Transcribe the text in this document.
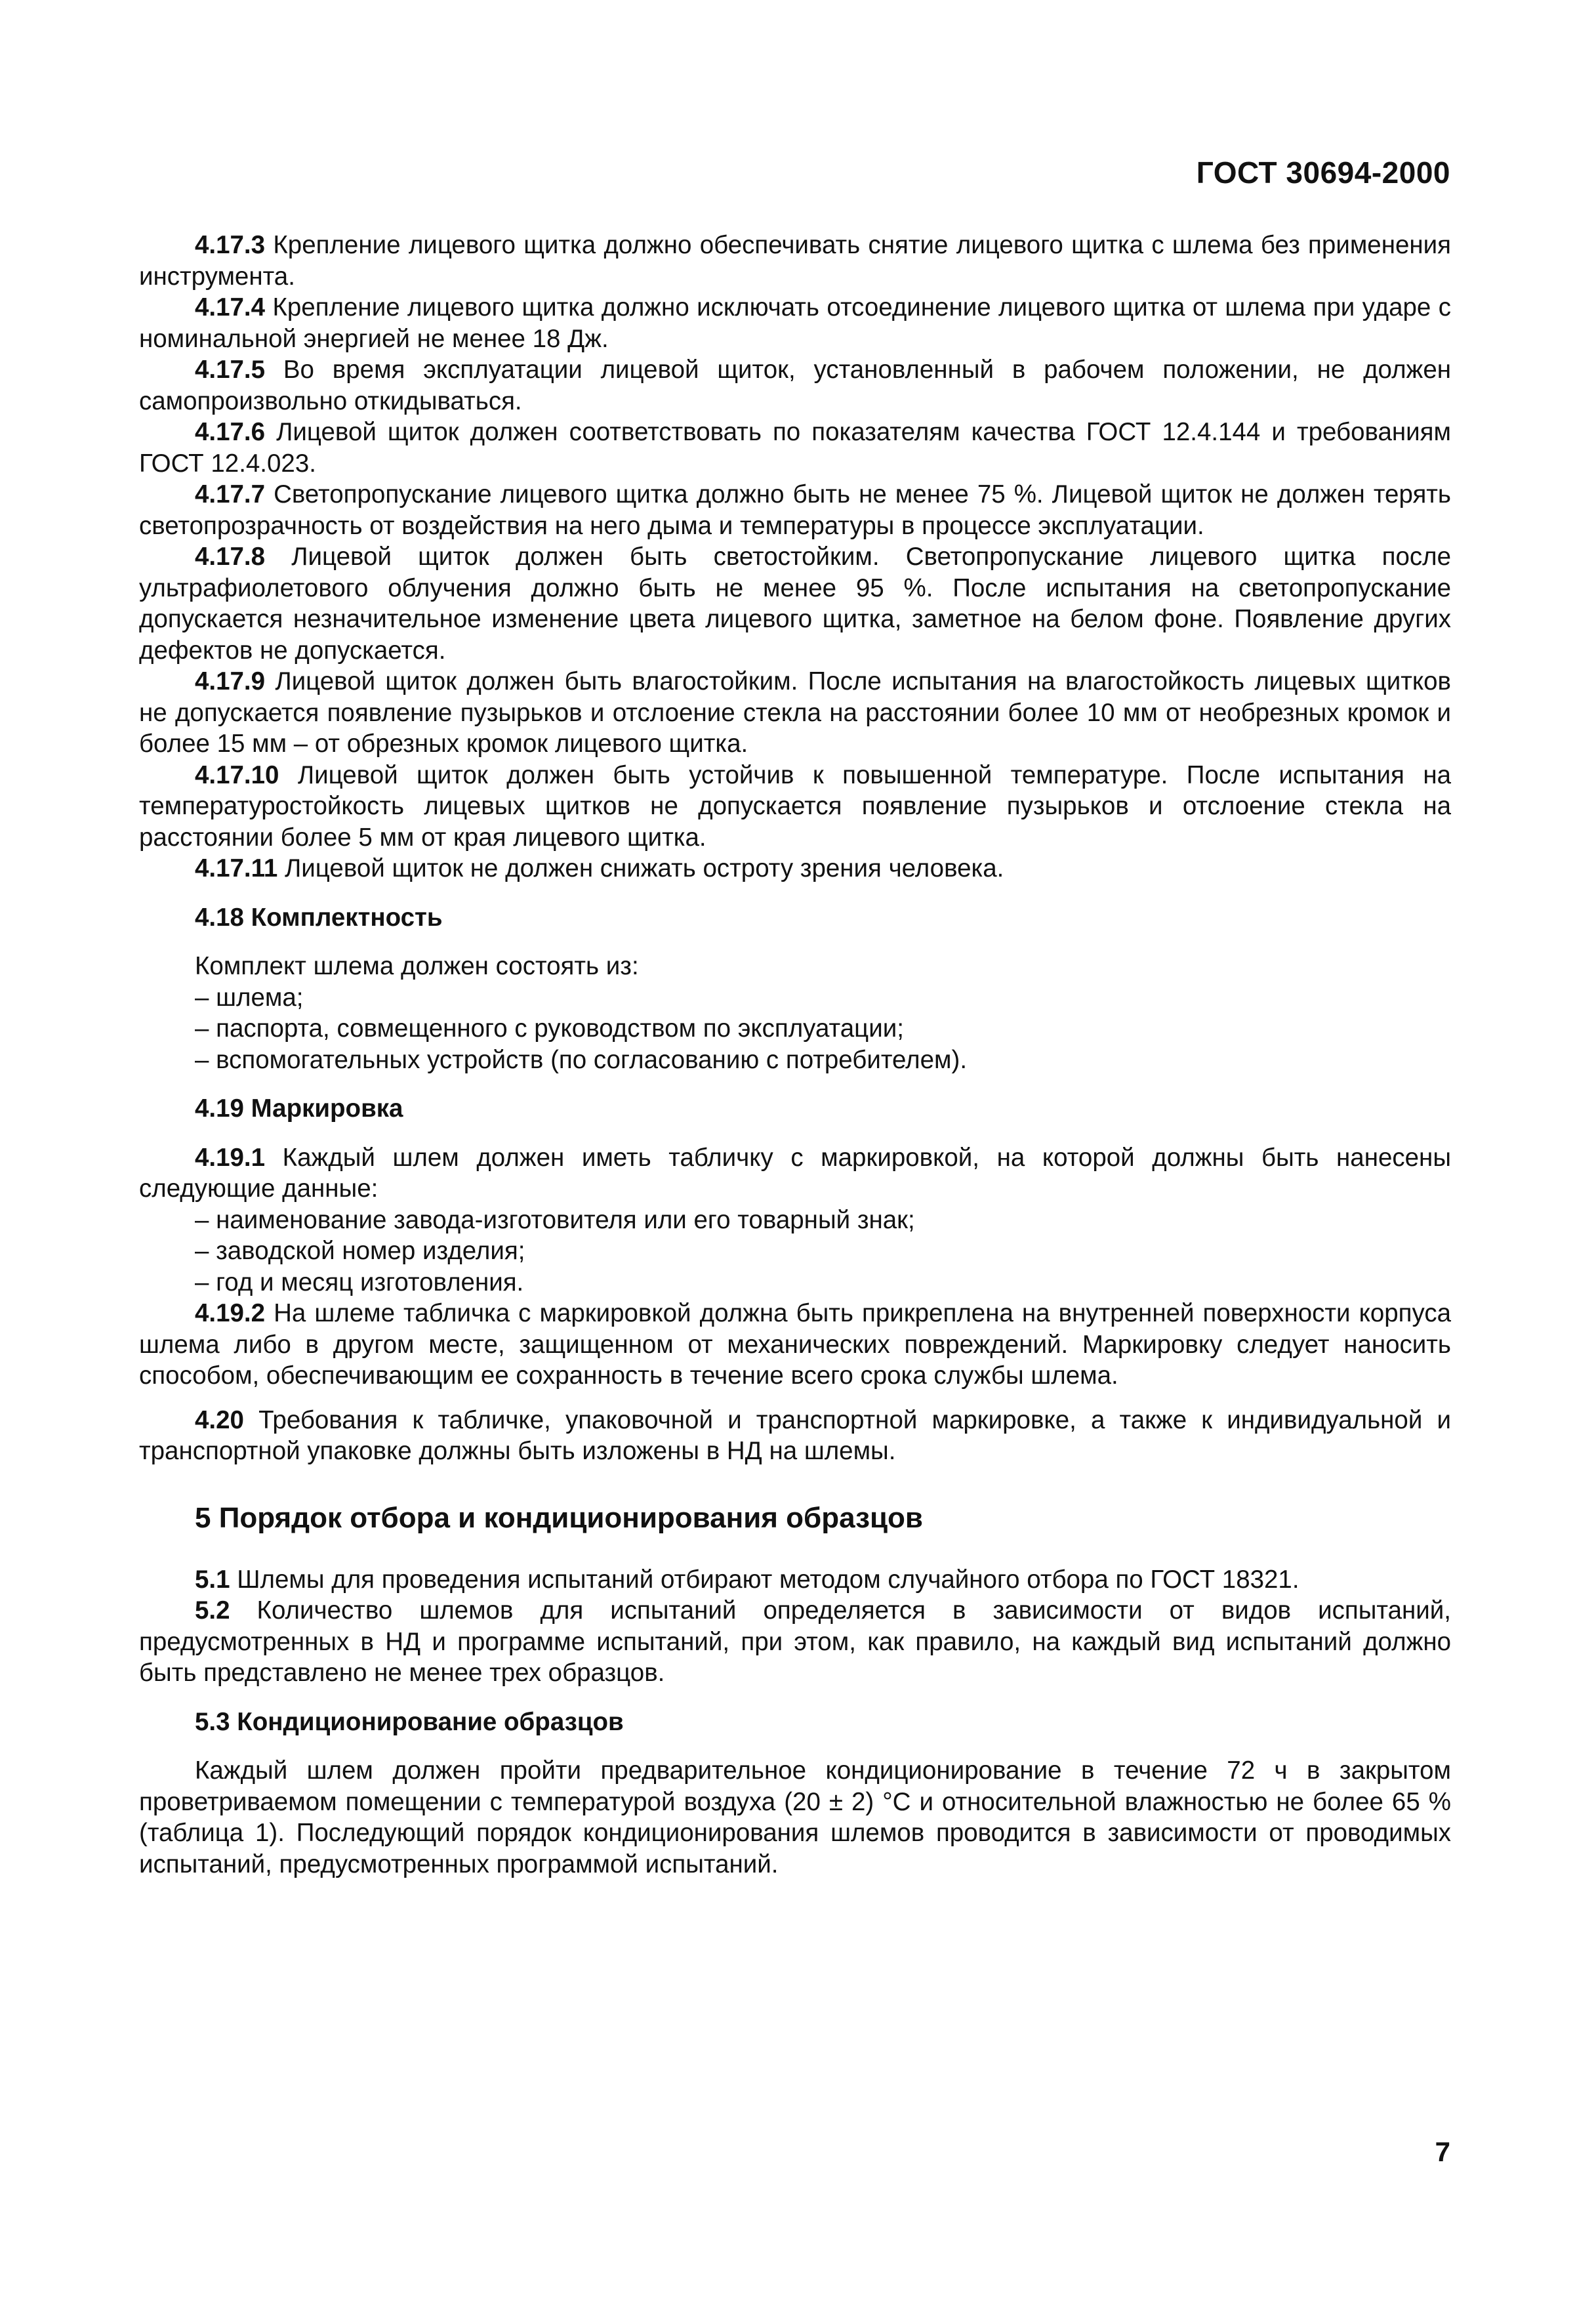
ГОСТ 30694-2000

4.17.3 Крепление лицевого щитка должно обеспечивать снятие лицевого щитка с шлема без применения инструмента.

4.17.4 Крепление лицевого щитка должно исключать отсоединение лицевого щитка от шлема при ударе с номинальной энергией не менее 18 Дж.

4.17.5 Во время эксплуатации лицевой щиток, установленный в рабочем положении, не должен самопроизвольно откидываться.

4.17.6 Лицевой щиток должен соответствовать по показателям качества ГОСТ 12.4.144 и требованиям ГОСТ 12.4.023.

4.17.7 Светопропускание лицевого щитка должно быть не менее 75 %. Лицевой щиток не должен терять светопрозрачность от воздействия на него дыма и температуры в процессе эксплуатации.

4.17.8 Лицевой щиток должен быть светостойким. Светопропускание лицевого щитка после ультрафиолетового облучения должно быть не менее 95 %. После испытания на светопропускание допускается незначительное изменение цвета лицевого щитка, заметное на белом фоне. Появление других дефектов не допускается.

4.17.9 Лицевой щиток должен быть влагостойким. После испытания на влагостойкость лицевых щитков не допускается появление пузырьков и отслоение стекла на расстоянии более 10 мм от необрезных кромок и более 15 мм – от обрезных кромок лицевого щитка.

4.17.10 Лицевой щиток должен быть устойчив к повышенной температуре. После испытания на температуростойкость лицевых щитков не допускается появление пузырьков и отслоение стекла на расстоянии более 5 мм от края лицевого щитка.

4.17.11 Лицевой щиток не должен снижать остроту зрения человека.

4.18 Комплектность

Комплект шлема должен состоять из:

– шлема;
– паспорта, совмещенного с руководством по эксплуатации;
– вспомогательных устройств (по согласованию с потребителем).
4.19 Маркировка

4.19.1 Каждый шлем должен иметь табличку с маркировкой, на которой должны быть нанесены следующие данные:

– наименование завода-изготовителя или его товарный знак;
– заводской номер изделия;
– год и месяц изготовления.

4.19.2 На шлеме табличка с маркировкой должна быть прикреплена на внутренней поверхности корпуса шлема либо в другом месте, защищенном от механических повреждений. Маркировку следует наносить способом, обеспечивающим ее сохранность в течение всего срока службы шлема.

4.20 Требования к табличке, упаковочной и транспортной маркировке, а также к индивидуальной и транспортной упаковке должны быть изложены в НД на шлемы.

5 Порядок отбора и кондиционирования образцов

5.1 Шлемы для проведения испытаний отбирают методом случайного отбора по ГОСТ 18321.

5.2 Количество шлемов для испытаний определяется в зависимости от видов испытаний, предусмотренных в НД и программе испытаний, при этом, как правило, на каждый вид испытаний должно быть представлено не менее трех образцов.

5.3 Кондиционирование образцов

Каждый шлем должен пройти предварительное кондиционирование в течение 72 ч в закрытом проветриваемом помещении с температурой воздуха (20 ± 2) °С и относительной влажностью не более 65 % (таблица 1). Последующий порядок кондиционирования шлемов проводится в зависимости от проводимых испытаний, предусмотренных программой испытаний.

7
